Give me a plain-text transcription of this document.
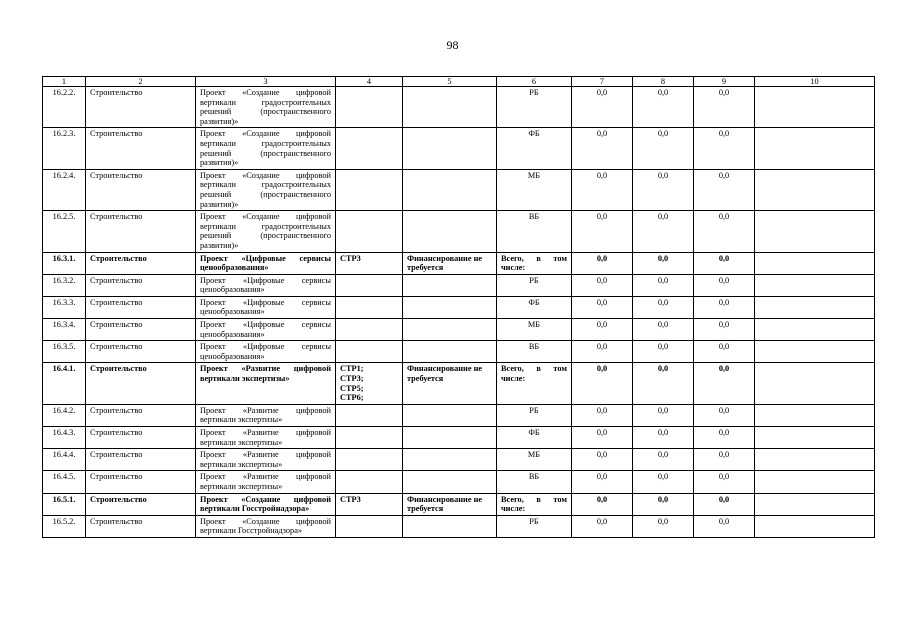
98
1	2	3	4	5	6	7	8	9	10
16.2.2.	Строительство	Проект «Создание цифровой вертикали градостроительных решений (пространственного развития)»			РБ	0,0	0,0	0,0	
16.2.3.	Строительство	Проект «Создание цифровой вертикали градостроительных решений (пространственного развития)»			ФБ	0,0	0,0	0,0	
16.2.4.	Строительство	Проект «Создание цифровой вертикали градостроительных решений (пространственного развития)»			МБ	0,0	0,0	0,0	
16.2.5.	Строительство	Проект «Создание цифровой вертикали градостроительных решений (пространственного развития)»			ВБ	0,0	0,0	0,0	
16.3.1.	Строительство	Проект «Цифровые сервисы ценообразования»	СТР3	Финансирование не требуется	Всего, в том числе:	0,0	0,0	0,0	
16.3.2.	Строительство	Проект «Цифровые сервисы ценообразования»			РБ	0,0	0,0	0,0	
16.3.3.	Строительство	Проект «Цифровые сервисы ценообразования»			ФБ	0,0	0,0	0,0	
16.3.4.	Строительство	Проект «Цифровые сервисы ценообразования»			МБ	0,0	0,0	0,0	
16.3.5.	Строительство	Проект «Цифровые сервисы ценообразования»			ВБ	0,0	0,0	0,0	
16.4.1.	Строительство	Проект «Развитие цифровой вертикали экспертизы»	СТР1;
СТР3;
СТР5;
СТР6;	Финансирование не требуется	Всего, в том числе:	0,0	0,0	0,0	
16.4.2.	Строительство	Проект «Развитие цифровой вертикали экспертизы»			РБ	0,0	0,0	0,0	
16.4.3.	Строительство	Проект «Развитие цифровой вертикали экспертизы»			ФБ	0,0	0,0	0,0	
16.4.4.	Строительство	Проект «Развитие цифровой вертикали экспертизы»			МБ	0,0	0,0	0,0	
16.4.5.	Строительство	Проект «Развитие цифровой вертикали экспертизы»			ВБ	0,0	0,0	0,0	
16.5.1.	Строительство	Проект «Создание цифровой вертикали Госстройнадзора»	СТР3	Финансирование не требуется	Всего, в том числе:	0,0	0,0	0,0	
16.5.2.	Строительство	Проект «Создание цифровой вертикали Госстройнадзора»			РБ	0,0	0,0	0,0	
